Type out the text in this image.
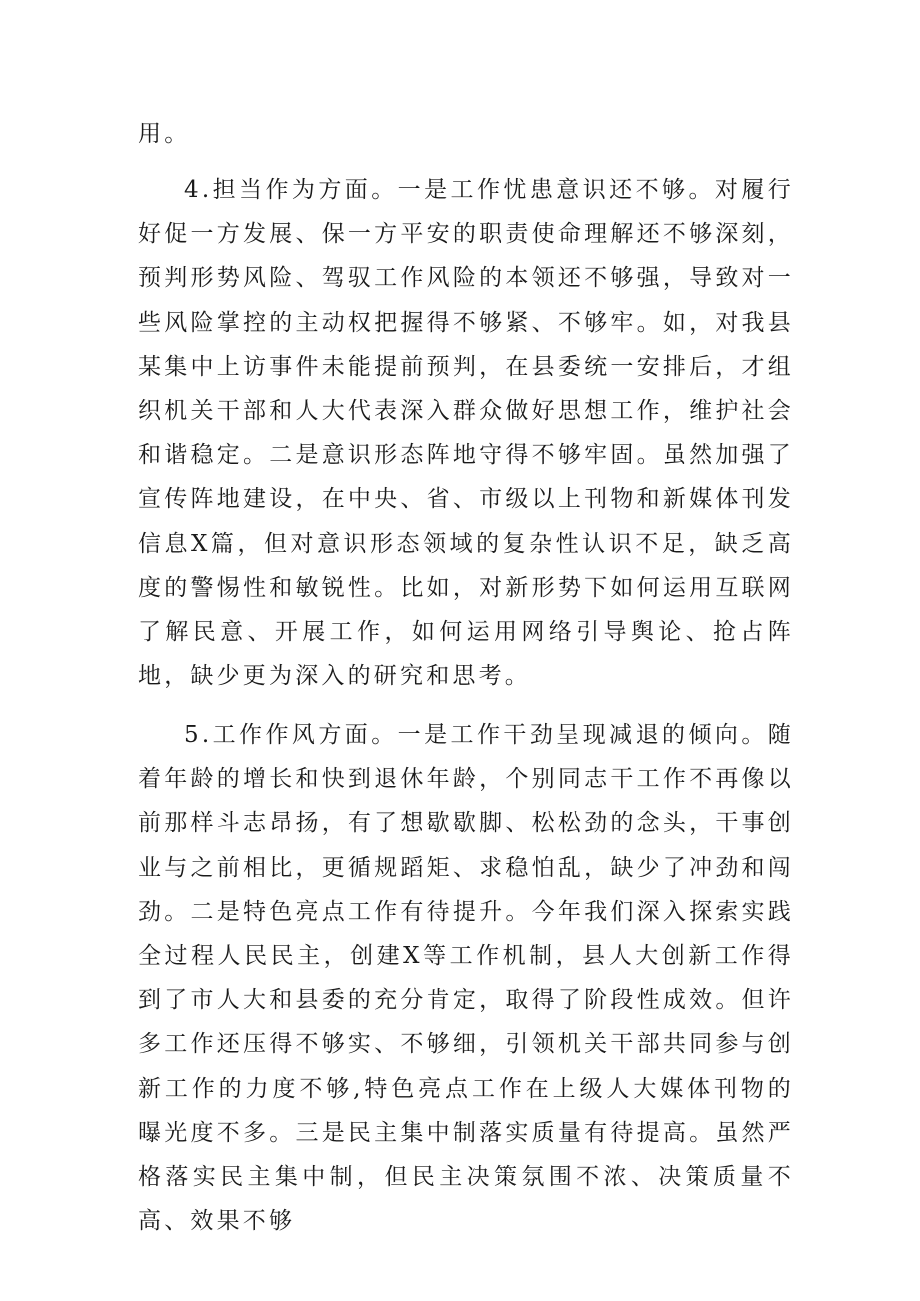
用。

4.担当作为方面。一是工作忧患意识还不够。对履行好促一方发展、保一方平安的职责使命理解还不够深刻，预判形势风险、驾驭工作风险的本领还不够强，导致对一些风险掌控的主动权把握得不够紧、不够牢。如，对我县某集中上访事件未能提前预判，在县委统一安排后，才组织机关干部和人大代表深入群众做好思想工作，维护社会和谐稳定。二是意识形态阵地守得不够牢固。虽然加强了宣传阵地建设，在中央、省、市级以上刊物和新媒体刊发信息X篇，但对意识形态领域的复杂性认识不足，缺乏高度的警惕性和敏锐性。比如，对新形势下如何运用互联网了解民意、开展工作，如何运用网络引导舆论、抢占阵地，缺少更为深入的研究和思考。

5.工作作风方面。一是工作干劲呈现减退的倾向。随着年龄的增长和快到退休年龄，个别同志干工作不再像以前那样斗志昂扬，有了想歇歇脚、松松劲的念头，干事创业与之前相比，更循规蹈矩、求稳怕乱，缺少了冲劲和闯劲。二是特色亮点工作有待提升。今年我们深入探索实践全过程人民民主，创建X等工作机制，县人大创新工作得到了市人大和县委的充分肯定，取得了阶段性成效。但许多工作还压得不够实、不够细，引领机关干部共同参与创新工作的力度不够,特色亮点工作在上级人大媒体刊物的曝光度不多。三是民主集中制落实质量有待提高。虽然严格落实民主集中制，但民主决策氛围不浓、决策质量不高、效果不够
